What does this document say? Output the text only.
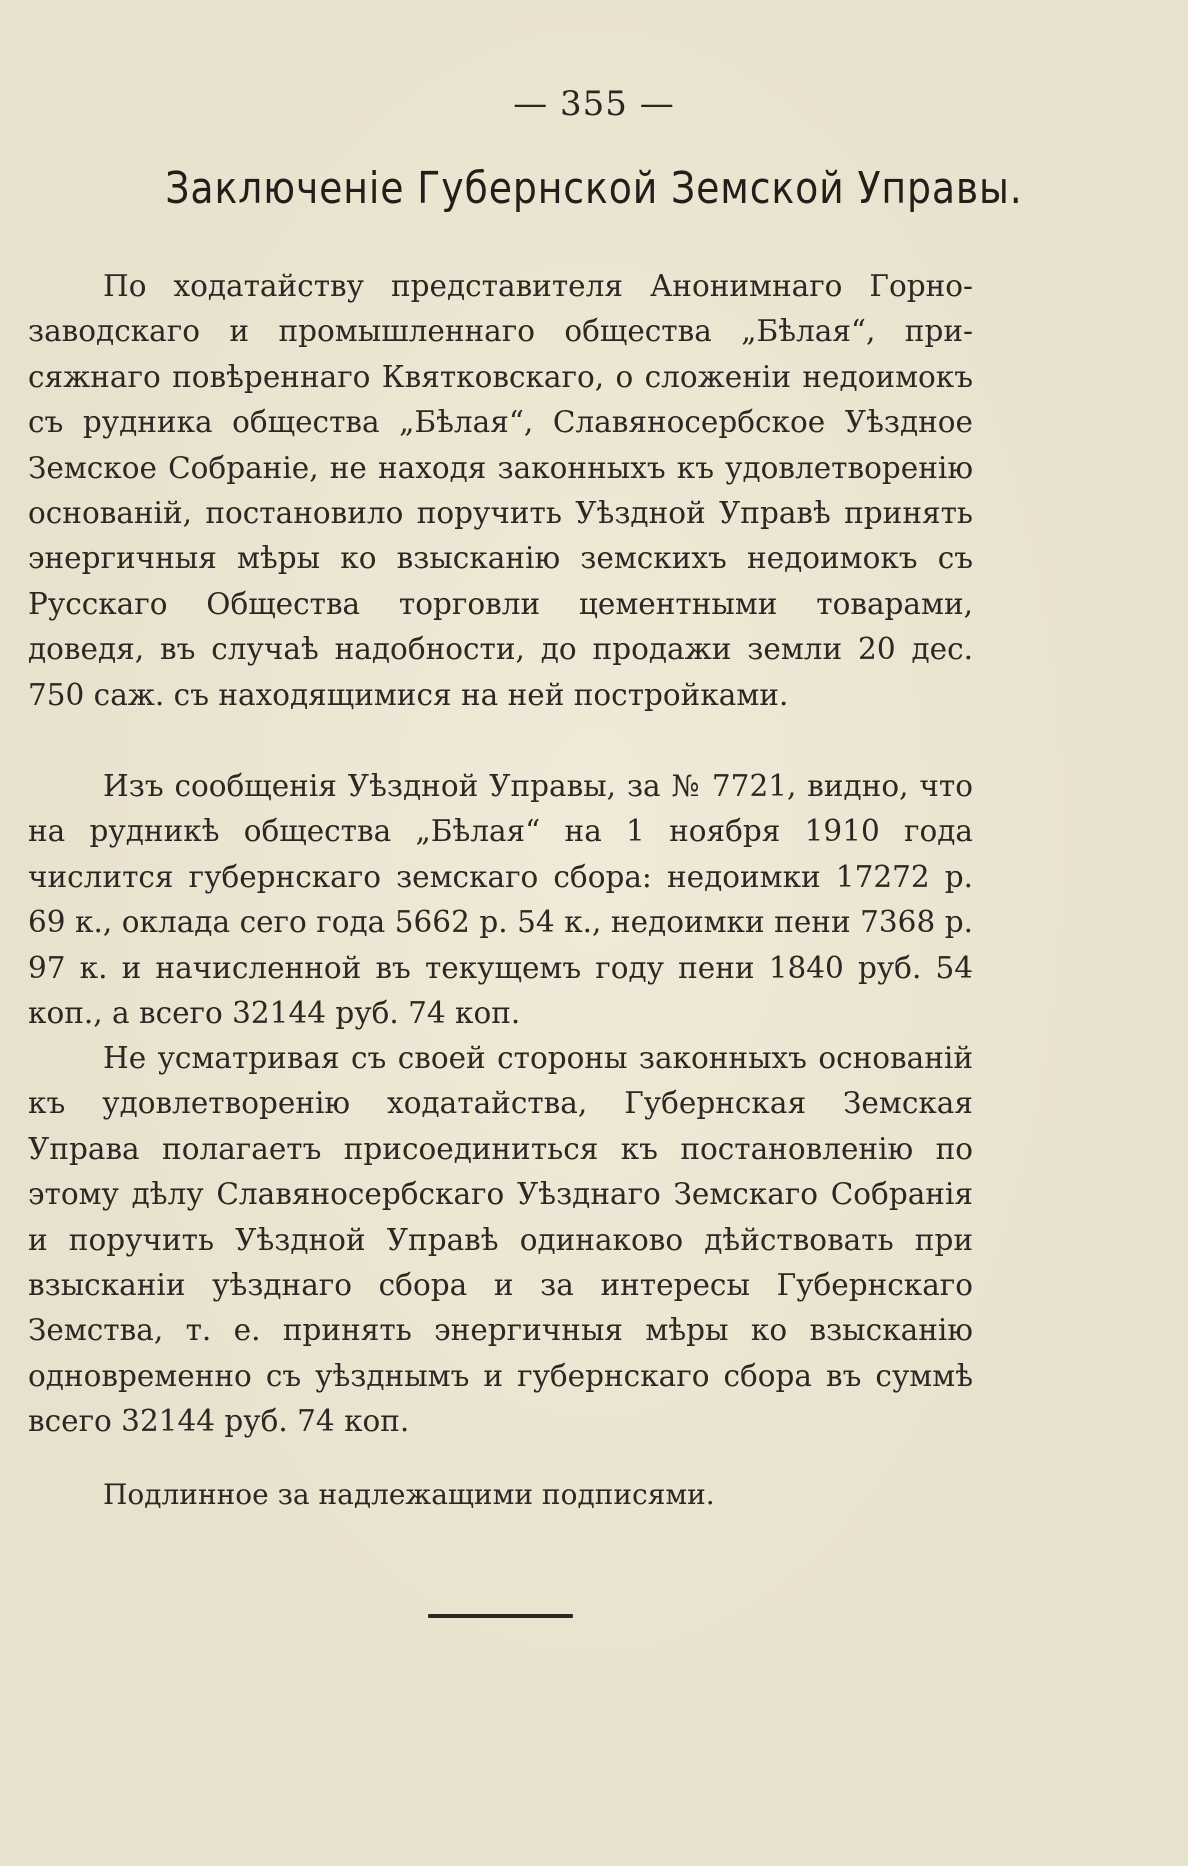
— 355 —
Заключеніе Губернской Земской Управы.

По ходатайству представителя Анонимнаго Горнозаводскаго и промышленнаго общества „Бѣлая“, присяжнаго повѣреннаго Квятковскаго, о сложеніи недоимокъ съ рудника общества „Бѣлая“, Славяносербское Уѣздное Земское Собраніе, не находя законныхъ къ удовлетворенію основаній, постановило поручить Уѣздной Управѣ принять энергичныя мѣры ко взысканію земскихъ недоимокъ съ Русскаго Общества торговли цементными товарами, доведя, въ случаѣ надобности, до продажи земли 20 дес. 750 саж. съ находящимися на ней постройками.

Изъ сообщенія Уѣздной Управы, за № 7721, видно, что на рудникѣ общества „Бѣлая“ на 1 ноября 1910 года числится губернскаго земскаго сбора: недоимки 17272 р. 69 к., оклада сего года 5662 р. 54 к., недоимки пени 7368 р. 97 к. и начисленной въ текущемъ году пени 1840 руб. 54 коп., а всего 32144 руб. 74 коп.

Не усматривая съ своей стороны законныхъ основаній къ удовлетворенію ходатайства, Губернская Земская Управа полагаетъ присоединиться къ постановленію по этому дѣлу Славяносербскаго Уѣзднаго Земскаго Собранія и поручить Уѣздной Управѣ одинаково дѣйствовать при взысканіи уѣзднаго сбора и за интересы Губернскаго Земства, т. е. принять энергичныя мѣры ко взысканію одновременно съ уѣзднымъ и губернскаго сбора въ суммѣ всего 32144 руб. 74 коп.

Подлинное за надлежащими подписями.
